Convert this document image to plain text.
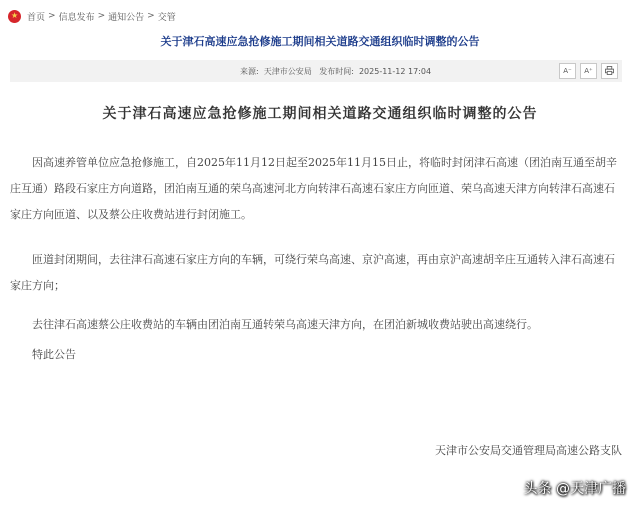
★
首页 > 信息发布 > 通知公告 > 交管
关于津石高速应急抢修施工期间相关道路交通组织临时调整的公告
来源: 天津市公安局 发布时间: 2025-11-12 17:04	A⁻	A⁺
关于津石高速应急抢修施工期间相关道路交通组织临时调整的公告

因高速养管单位应急抢修施工，自2025年11月12日起至2025年11月15日止，将临时封闭津石高速（团泊南互通至胡辛庄互通）路段石家庄方向道路，团泊南互通的荣乌高速河北方向转津石高速石家庄方向匝道、荣乌高速天津方向转津石高速石家庄方向匝道、以及蔡公庄收费站进行封闭施工。

匝道封闭期间，去往津石高速石家庄方向的车辆，可绕行荣乌高速、京沪高速，再由京沪高速胡辛庄互通转入津石高速石家庄方向；

去往津石高速蔡公庄收费站的车辆由团泊南互通转荣乌高速天津方向，在团泊新城收费站驶出高速绕行。

特此公告

天津市公安局交通管理局高速公路支队
头条 @天津广播
